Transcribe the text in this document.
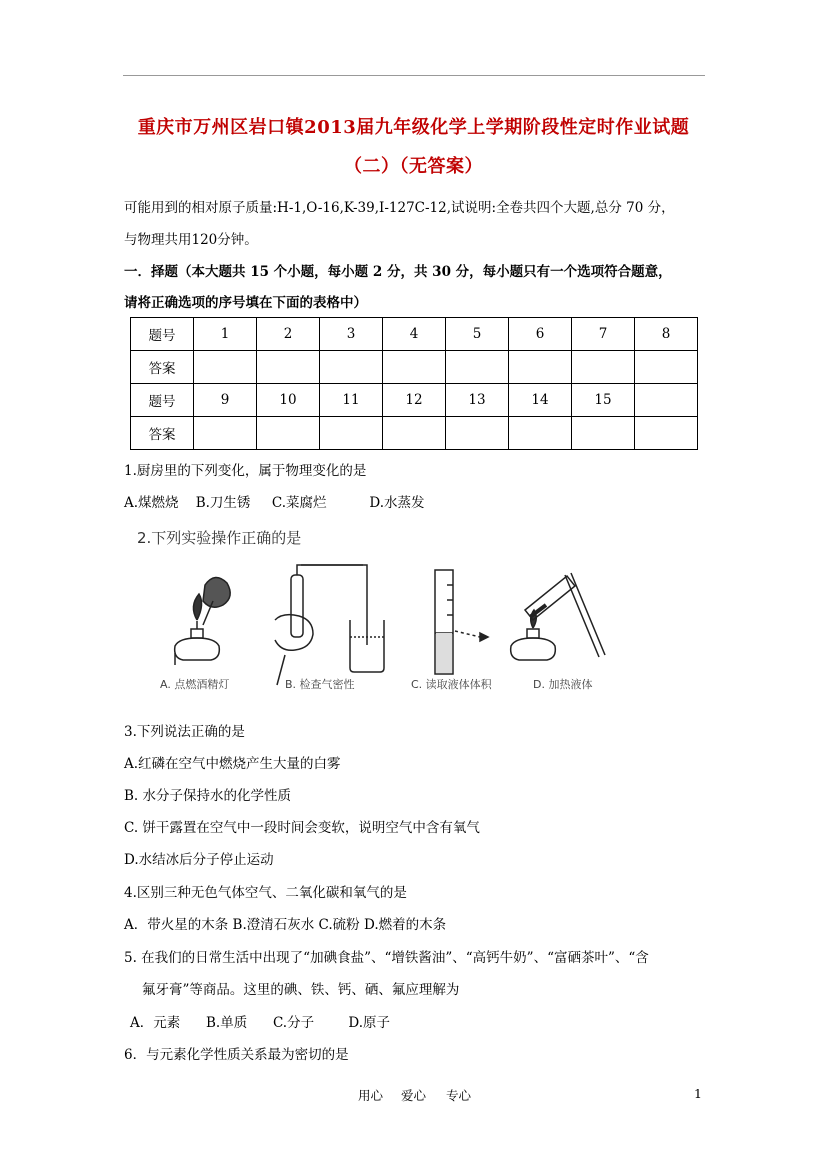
重庆市万州区岩口镇2013届九年级化学上学期阶段性定时作业试题
（二）（无答案）
可能用到的相对原子质量:H-1,O-16,K-39,I-127C-12,试说明:全卷共四个大题,总分 70 分，
与物理共用120分钟。
一．择题（本大题共 15 个小题，每小题 2 分，共 30 分，每小题只有一个选项符合题意，
请将正确选项的序号填在下面的表格中）
题号	1	2	3	4	5	6	7	8
答案								
题号	9	10	11	12	13	14	15	
答案								
1.厨房里的下列变化，属于物理变化的是
A.煤燃烧    B.刀生锈     C.菜腐烂          D.水蒸发
2.下列实验操作正确的是
A. 点燃酒精灯	B. 检查气密性	C. 读取液体体积	D. 加热液体
3.下列说法正确的是
A.红磷在空气中燃烧产生大量的白雾
B. 水分子保持水的化学性质
C. 饼干露置在空气中一段时间会变软，说明空气中含有氧气
D.水结冰后分子停止运动
4.区别三种无色气体空气、二氧化碳和氧气的是
A．带火星的木条 B.澄清石灰水 C.硫粉 D.燃着的木条
5. 在我们的日常生活中出现了“加碘食盐”、“增铁酱油”、“高钙牛奶”、“富硒茶叶”、“含
氟牙膏”等商品。这里的碘、铁、钙、硒、氟应理解为
A．元素      B.单质      C.分子        D.原子
6．与元素化学性质关系最为密切的是
用心 爱心 专心	1
